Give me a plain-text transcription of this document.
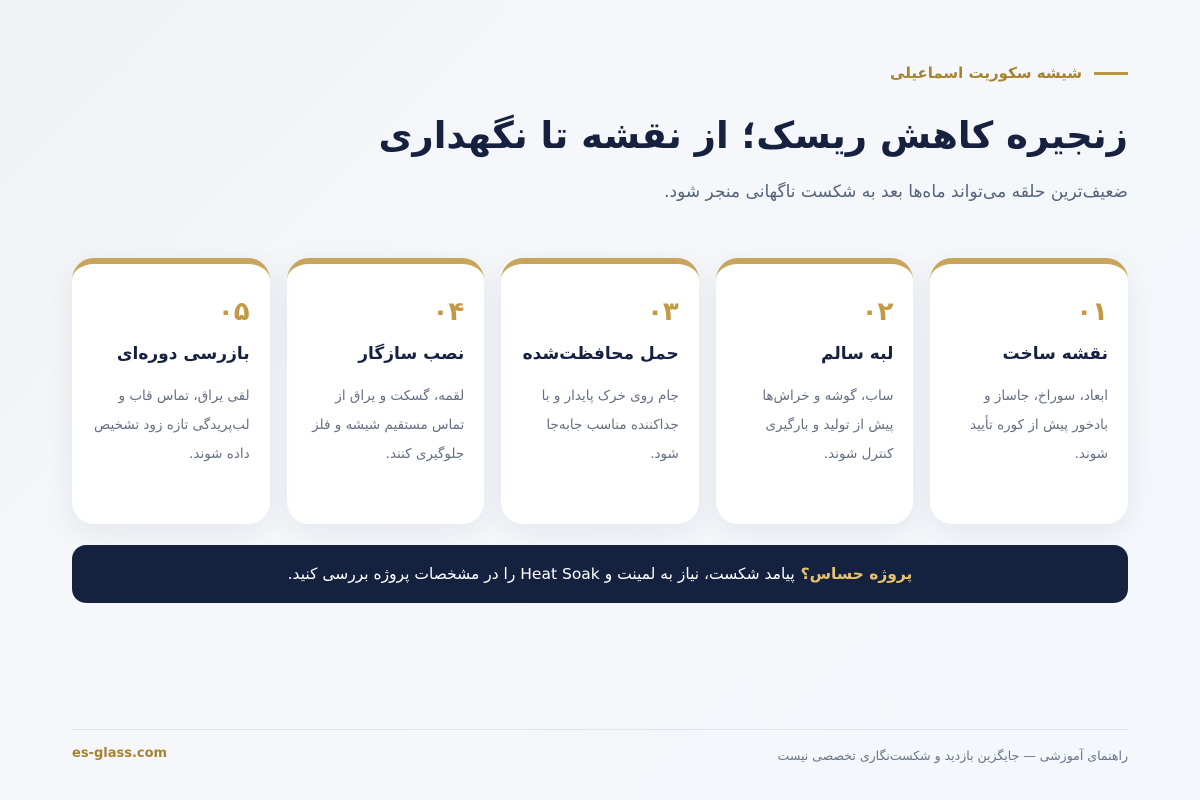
شیشه سکوریت اسماعیلی
زنجیره کاهش ریسک؛ از نقشه تا نگهداری

ضعیف‌ترین حلقه می‌تواند ماه‌ها بعد به شکست ناگهانی منجر شود.

۰۱
نقشه ساخت
ابعاد، سوراخ، جاساز و بادخور پیش از کوره تأیید شوند.
۰۲
لبه سالم
ساب، گوشه و خراش‌ها پیش از تولید و بارگیری کنترل شوند.
۰۳
حمل محافظت‌شده
جام روی خرک پایدار و با جداکننده مناسب جابه‌جا شود.
۰۴
نصب سازگار
لقمه، گسکت و یراق از تماس مستقیم شیشه و فلز جلوگیری کنند.
۰۵
بازرسی دوره‌ای
لقی یراق، تماس قاب و لب‌پریدگی تازه زود تشخیص داده شوند.
پروژه حساس؟
پیامد شکست، نیاز به لمینت و Heat Soak را در مشخصات پروژه بررسی کنید.
راهنمای آموزشی — جایگزین بازدید و شکست‌نگاری تخصصی نیست
es-glass.com
